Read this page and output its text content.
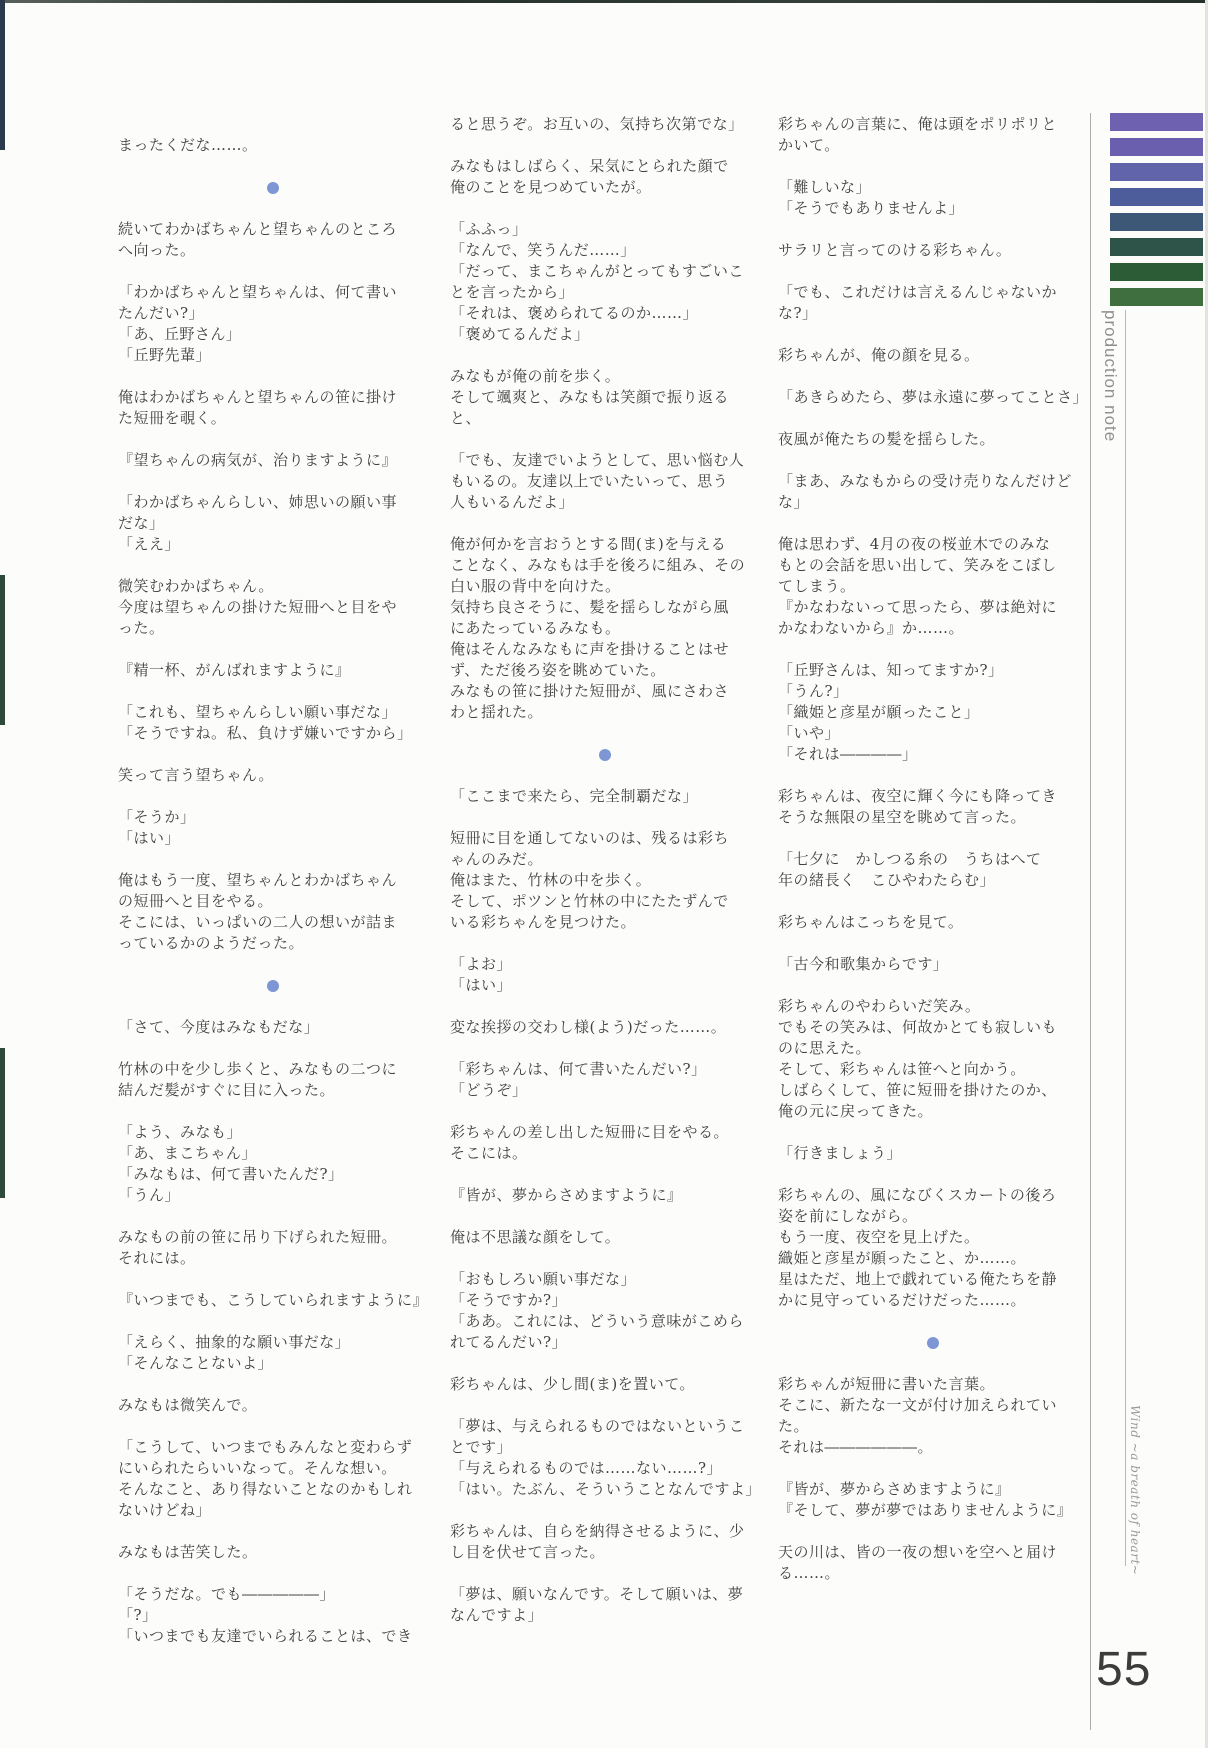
まったくだな……。
続いてわかばちゃんと望ちゃんのところ
へ向った。
「わかばちゃんと望ちゃんは、何て書い
たんだい?」
「あ、丘野さん」
「丘野先輩」
俺はわかばちゃんと望ちゃんの笹に掛け
た短冊を覗く。
『望ちゃんの病気が、治りますように』
「わかばちゃんらしい、姉思いの願い事
だな」
「ええ」
微笑むわかばちゃん。
今度は望ちゃんの掛けた短冊へと目をや
った。
『精一杯、がんばれますように』
「これも、望ちゃんらしい願い事だな」
「そうですね。私、負けず嫌いですから」
笑って言う望ちゃん。
「そうか」
「はい」
俺はもう一度、望ちゃんとわかばちゃん
の短冊へと目をやる。
そこには、いっぱいの二人の想いが詰ま
っているかのようだった。
「さて、今度はみなもだな」
竹林の中を少し歩くと、みなもの二つに
結んだ髪がすぐに目に入った。
「よう、みなも」
「あ、まこちゃん」
「みなもは、何て書いたんだ?」
「うん」
みなもの前の笹に吊り下げられた短冊。
それには。
『いつまでも、こうしていられますように』
「えらく、抽象的な願い事だな」
「そんなことないよ」
みなもは微笑んで。
「こうして、いつまでもみんなと変わらず
にいられたらいいなって。そんな想い。
そんなこと、あり得ないことなのかもしれ
ないけどね」
みなもは苦笑した。
「そうだな。でも―――――」
「?」
「いつまでも友達でいられることは、でき
ると思うぞ。お互いの、気持ち次第でな」
みなもはしばらく、呆気にとられた顔で
俺のことを見つめていたが。
「ふふっ」
「なんで、笑うんだ……」
「だって、まこちゃんがとってもすごいこ
とを言ったから」
「それは、褒められてるのか……」
「褒めてるんだよ」
みなもが俺の前を歩く。
そして颯爽と、みなもは笑顔で振り返る
と、
「でも、友達でいようとして、思い悩む人
もいるの。友達以上でいたいって、思う
人もいるんだよ」
俺が何かを言おうとする間(ま)を与える
ことなく、みなもは手を後ろに組み、その
白い服の背中を向けた。
気持ち良さそうに、髪を揺らしながら風
にあたっているみなも。
俺はそんなみなもに声を掛けることはせ
ず、ただ後ろ姿を眺めていた。
みなもの笹に掛けた短冊が、風にさわさ
わと揺れた。
「ここまで来たら、完全制覇だな」
短冊に目を通してないのは、残るは彩ち
ゃんのみだ。
俺はまた、竹林の中を歩く。
そして、ポツンと竹林の中にたたずんで
いる彩ちゃんを見つけた。
「よお」
「はい」
変な挨拶の交わし様(よう)だった……。
「彩ちゃんは、何て書いたんだい?」
「どうぞ」
彩ちゃんの差し出した短冊に目をやる。
そこには。
『皆が、夢からさめますように』
俺は不思議な顔をして。
「おもしろい願い事だな」
「そうですか?」
「ああ。これには、どういう意味がこめら
れてるんだい?」
彩ちゃんは、少し間(ま)を置いて。
「夢は、与えられるものではないというこ
とです」
「与えられるものでは……ない……?」
「はい。たぶん、そういうことなんですよ」
彩ちゃんは、自らを納得させるように、少
し目を伏せて言った。
「夢は、願いなんです。そして願いは、夢
なんですよ」
彩ちゃんの言葉に、俺は頭をポリポリと
かいて。
「難しいな」
「そうでもありませんよ」
サラリと言ってのける彩ちゃん。
「でも、これだけは言えるんじゃないか
な?」
彩ちゃんが、俺の顔を見る。
「あきらめたら、夢は永遠に夢ってことさ」
夜風が俺たちの髪を揺らした。
「まあ、みなもからの受け売りなんだけど
な」
俺は思わず、4月の夜の桜並木でのみな
もとの会話を思い出して、笑みをこぼし
てしまう。
『かなわないって思ったら、夢は絶対に
かなわないから』か……。
「丘野さんは、知ってますか?」
「うん?」
「織姫と彦星が願ったこと」
「いや」
「それは――――」
彩ちゃんは、夜空に輝く今にも降ってき
そうな無限の星空を眺めて言った。
「七夕に　かしつる糸の　うちはへて
年の緒長く　こひやわたらむ」
彩ちゃんはこっちを見て。
「古今和歌集からです」
彩ちゃんのやわらいだ笑み。
でもその笑みは、何故かとても寂しいも
のに思えた。
そして、彩ちゃんは笹へと向かう。
しばらくして、笹に短冊を掛けたのか、
俺の元に戻ってきた。
「行きましょう」
彩ちゃんの、風になびくスカートの後ろ
姿を前にしながら。
もう一度、夜空を見上げた。
織姫と彦星が願ったこと、か……。
星はただ、地上で戯れている俺たちを静
かに見守っているだけだった……。
彩ちゃんが短冊に書いた言葉。
そこに、新たな一文が付け加えられてい
た。
それは――――――。
『皆が、夢からさめますように』
『そして、夢が夢ではありませんように』
天の川は、皆の一夜の想いを空へと届け
る……。
production note
Wind ~a breath of heart~
55
